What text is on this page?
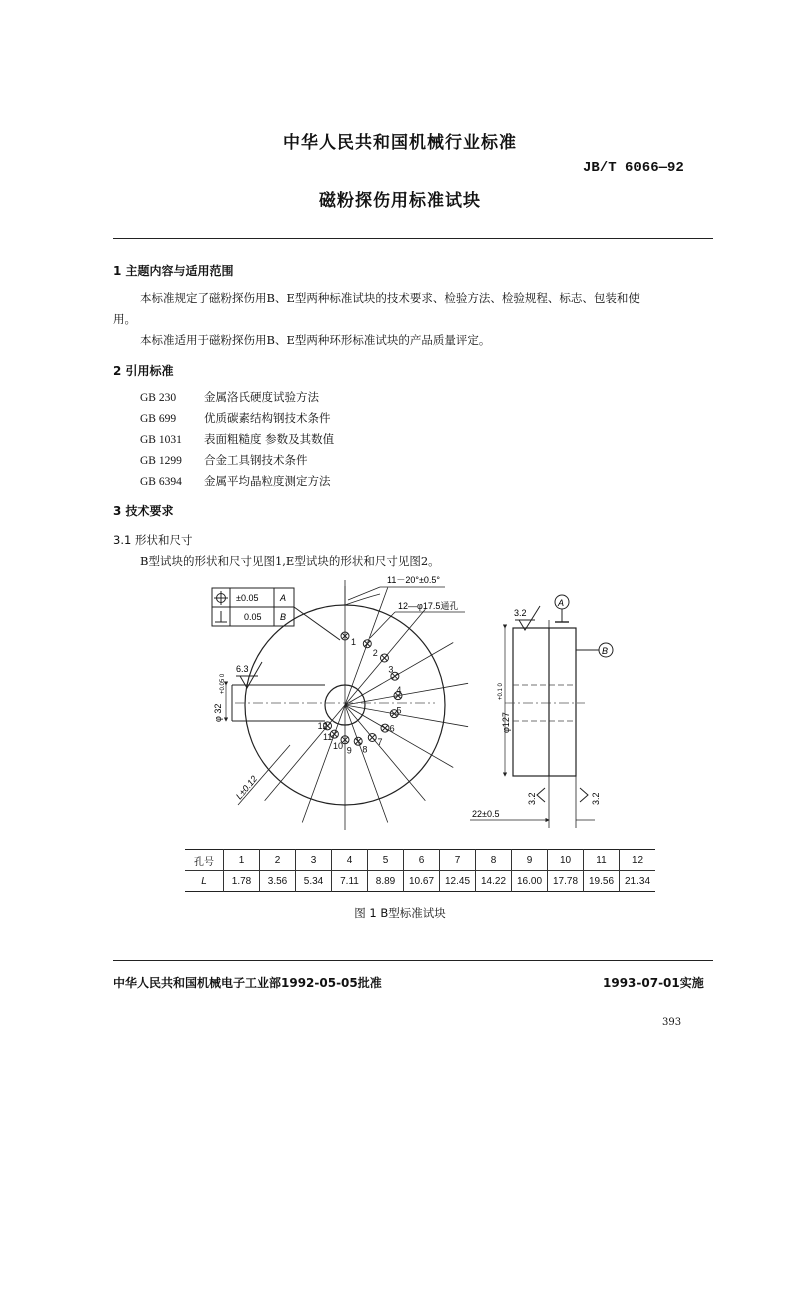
中华人民共和国机械行业标准
JB/T 6066—92
磁粉探伤用标准试块
1 主题内容与适用范围
本标准规定了磁粉探伤用B、E型两种标准试块的技术要求、检验方法、检验规程、标志、包装和使
用。
本标准适用于磁粉探伤用B、E型两种环形标准试块的产品质量评定。
2 引用标准
GB 230 金属洛氏硬度试验方法
GB 699 优质碳素结构钢技术条件
GB 1031 表面粗糙度 参数及其数值
GB 1299 合金工具钢技术条件
GB 6394 金属平均晶粒度测定方法
3 技术要求
3.1 形状和尺寸
B型试块的形状和尺寸见图1,E型试块的形状和尺寸见图2。
±0.05 A
0.05 B
1
2
3
4
5
6
7
8
9
10
11
12
11－20°±0.5°
12—φ17.5通孔
6.3
φ 32
+0.05 0
L±0.12
φ127
+0.1 0
A
B
3.2
3.2	3.2
22±0.5
孔号	1	2	3	4	5	6	7	8	9	10	11	12
L	1.78	3.56	5.34	7.11	8.89	10.67	12.45	14.22	16.00	17.78	19.56	21.34
图 1 B型标准试块
中华人民共和国机械电子工业部1992-05-05批准	1993-07-01实施
393
